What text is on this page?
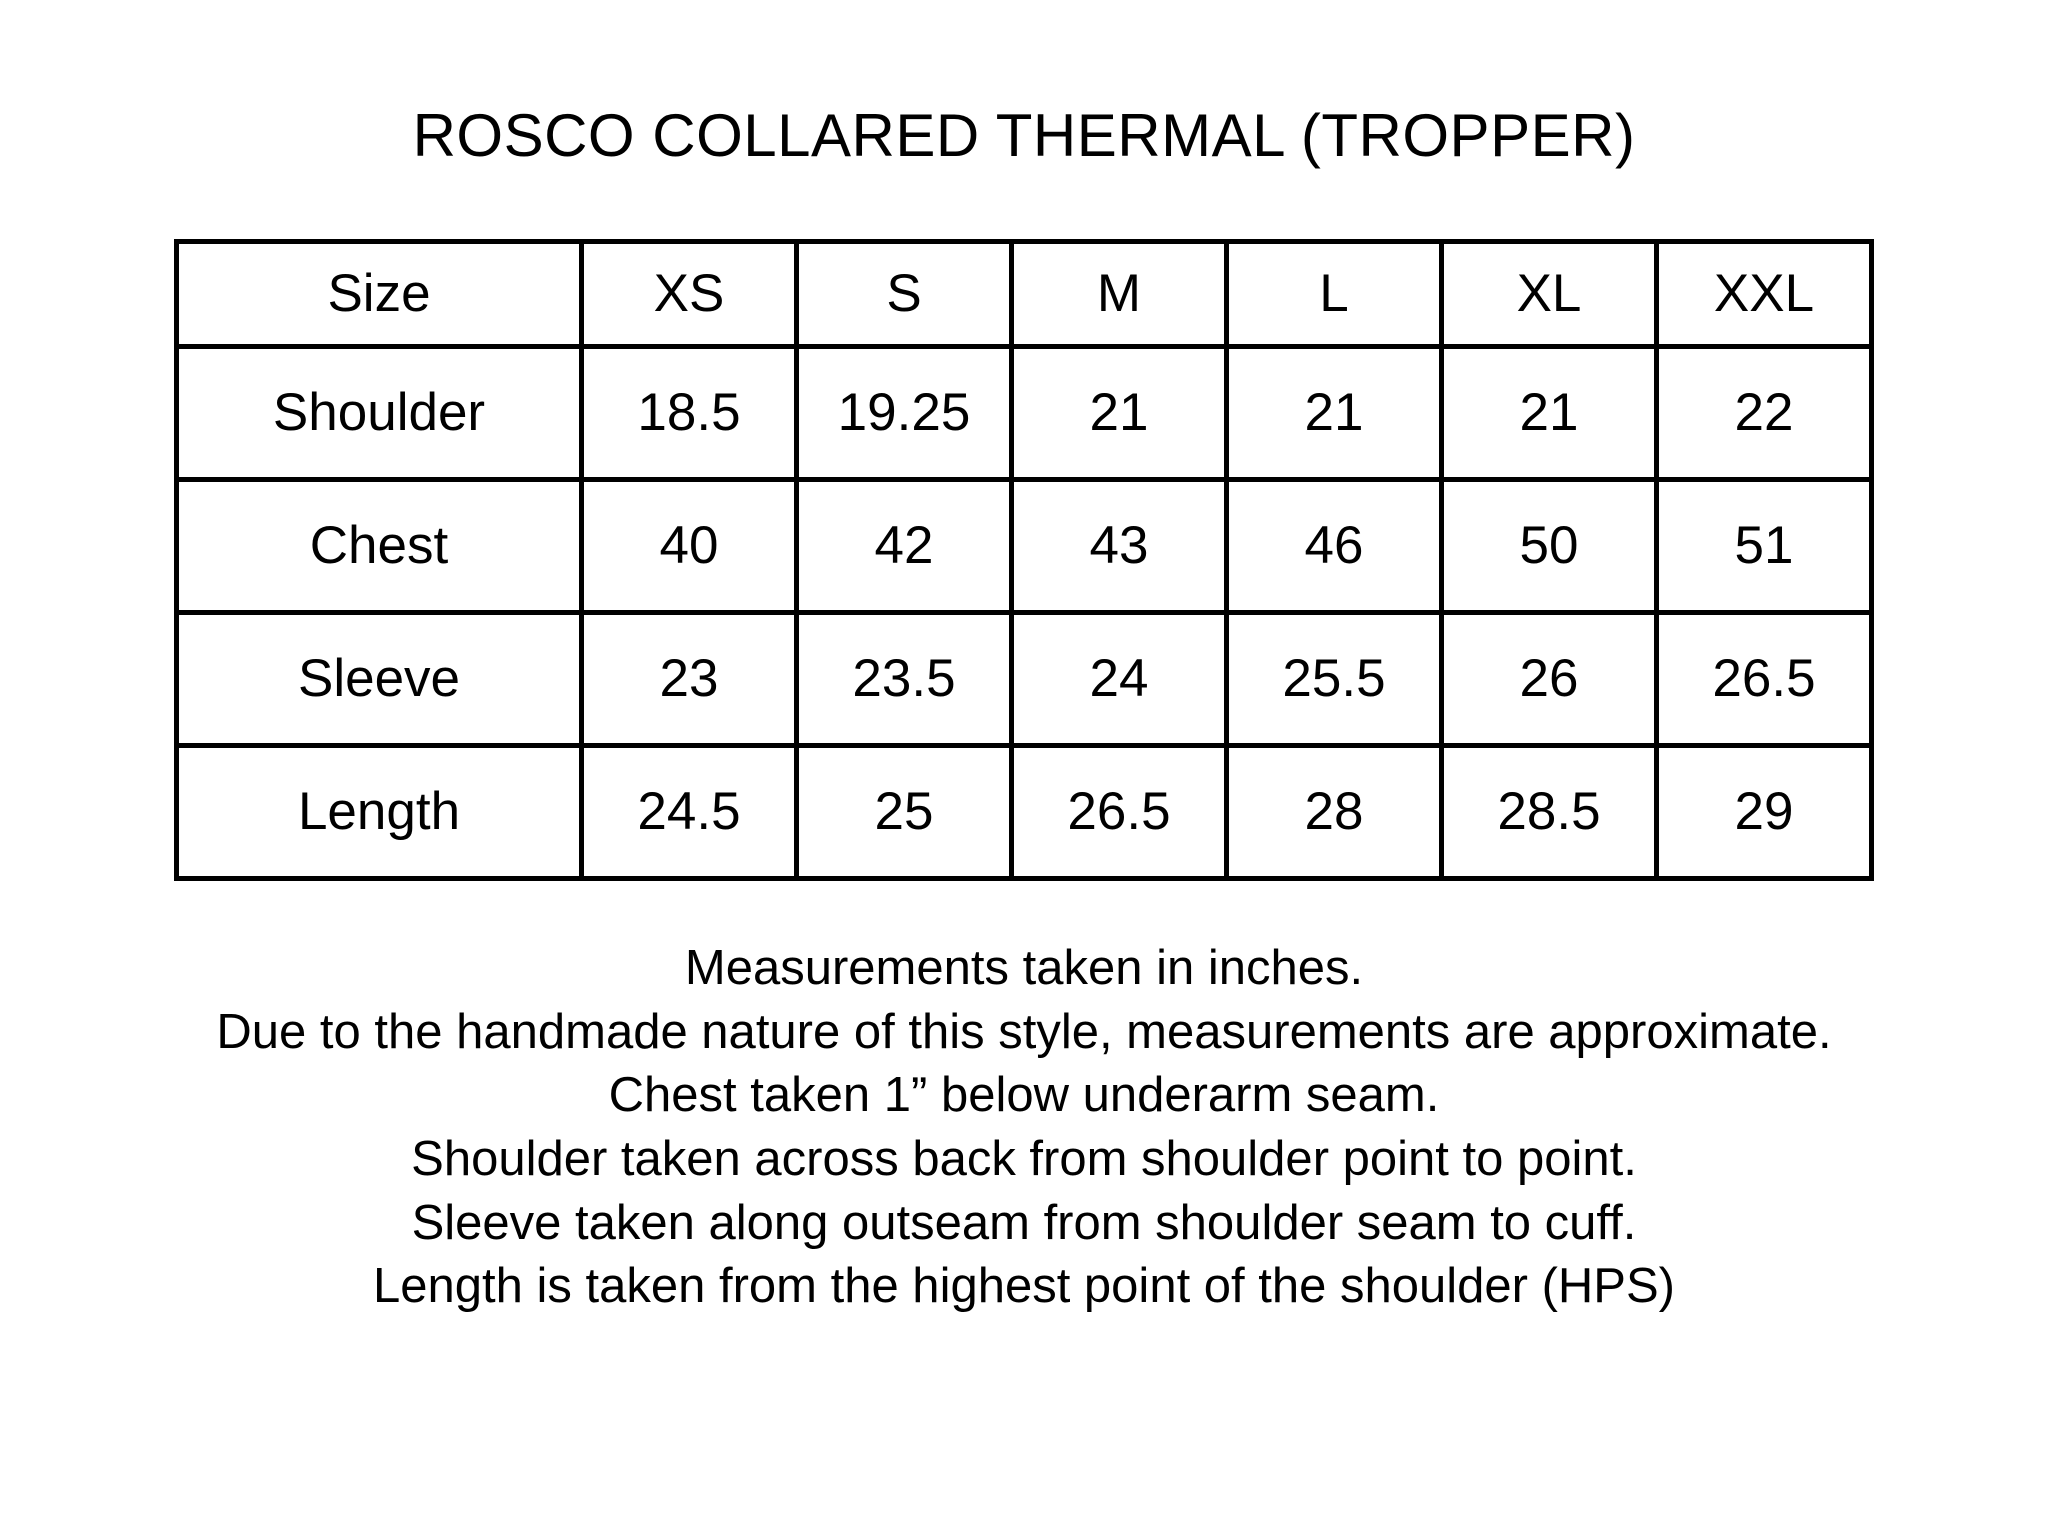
ROSCO COLLARED THERMAL (TROPPER)
Size	XS	S	M	L	XL	XXL
Shoulder	18.5	19.25	21	21	21	22
Chest	40	42	43	46	50	51
Sleeve	23	23.5	24	25.5	26	26.5
Length	24.5	25	26.5	28	28.5	29
Measurements taken in inches.
Due to the handmade nature of this style, measurements are approximate.
Chest taken 1” below underarm seam.
Shoulder taken across back from shoulder point to point.
Sleeve taken along outseam from shoulder seam to cuff.
Length is taken from the highest point of the shoulder (HPS)
